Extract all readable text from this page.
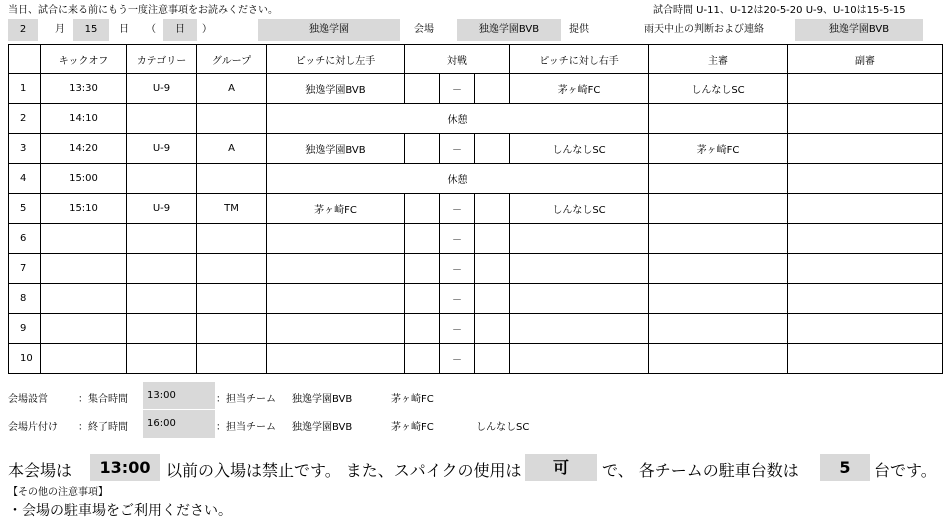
当日、試合に来る前にもう一度注意事項をお読みください。	試合時間 U-11、U-12は20-5-20 U-9、U-10は15-5-15
2	月	15	日	（	日	）	独逸学園	会場	独逸学園BVB	提供	雨天中止の判断および連絡	独逸学園BVB
	キックオフ	カテゴリー	グループ	ピッチに対し左手	対戦			ピッチに対し右手	主審	副審
1	13:30	U-9	A	独逸学園BVB		－		茅ヶ崎FC	しんなしSC	
2	14:10			休憩						
3	14:20	U-9	A	独逸学園BVB		－		しんなしSC	茅ヶ崎FC	
4	15:00			休憩						
5	15:10	U-9	TM	茅ヶ崎FC		－		しんなしSC		
6						－				
7						－				
8						－				
9						－				
10						－				
会場設営	：集合時間	13:00	：担当チーム 独逸学園BVB	茅ヶ崎FC
会場片付け ：終了時間	16:00	：担当チーム 独逸学園BVB	茅ヶ崎FC	しんなしSC
本会場は	13:00 以前の入場は禁止です。 また、スパイクの使用は	可	で、 各チームの駐車台数は	5	台です。
【その他の注意事項】
・会場の駐車場をご利用ください。
